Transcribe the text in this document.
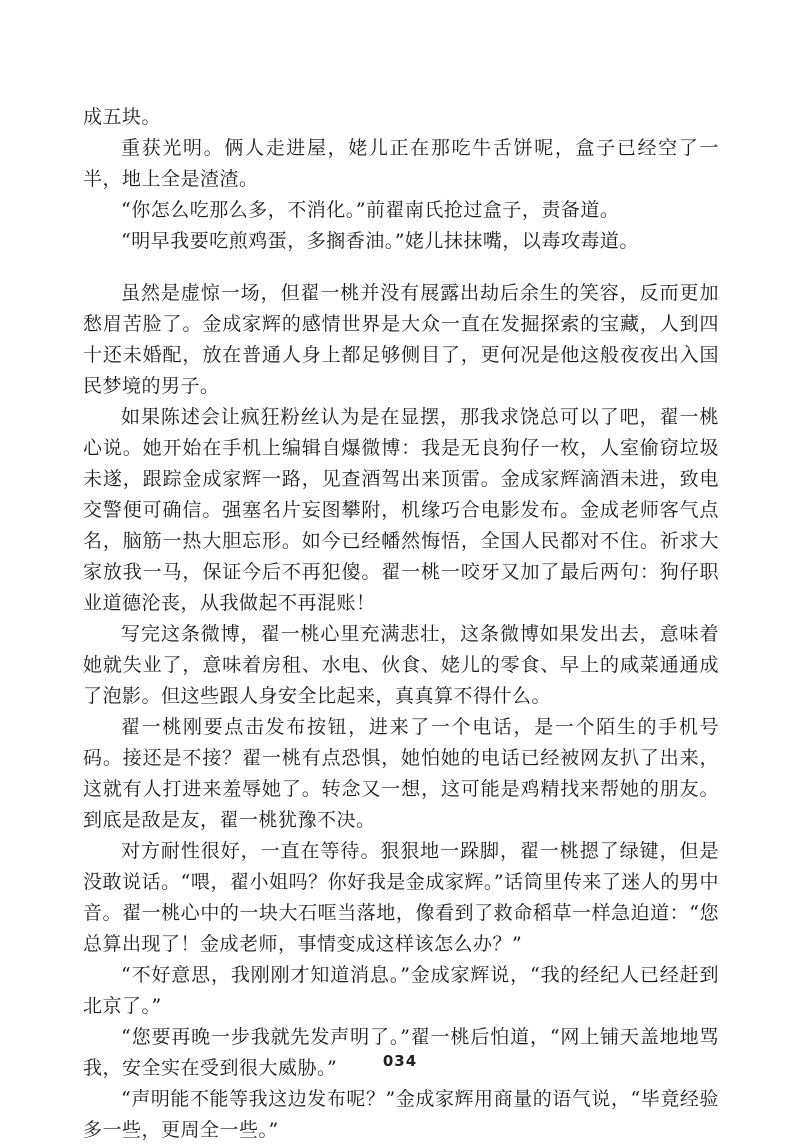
成五块。

重获光明。俩人走进屋，姥儿正在那吃牛舌饼呢，盒子已经空了一半，地上全是渣渣。

“你怎么吃那么多，不消化。”前翟南氏抢过盒子，责备道。

“明早我要吃煎鸡蛋，多搁香油。”姥儿抹抹嘴，以毒攻毒道。

虽然是虚惊一场，但翟一桃并没有展露出劫后余生的笑容，反而更加愁眉苦脸了。金成家辉的感情世界是大众一直在发掘探索的宝藏，人到四十还未婚配，放在普通人身上都足够侧目了，更何况是他这般夜夜出入国民梦境的男子。

如果陈述会让疯狂粉丝认为是在显摆，那我求饶总可以了吧，翟一桃心说。她开始在手机上编辑自爆微博：我是无良狗仔一枚，人室偷窃垃圾未遂，跟踪金成家辉一路，见查酒驾出来顶雷。金成家辉滴酒未进，致电交警便可确信。强塞名片妄图攀附，机缘巧合电影发布。金成老师客气点名，脑筋一热大胆忘形。如今已经幡然悔悟，全国人民都对不住。祈求大家放我一马，保证今后不再犯傻。翟一桃一咬牙又加了最后两句：狗仔职业道德沦丧，从我做起不再混账！

写完这条微博，翟一桃心里充满悲壮，这条微博如果发出去，意味着她就失业了，意味着房租、水电、伙食、姥儿的零食、早上的咸菜通通成了泡影。但这些跟人身安全比起来，真真算不得什么。

翟一桃刚要点击发布按钮，进来了一个电话，是一个陌生的手机号码。接还是不接？翟一桃有点恐惧，她怕她的电话已经被网友扒了出来，这就有人打进来羞辱她了。转念又一想，这可能是鸡精找来帮她的朋友。到底是敌是友，翟一桃犹豫不决。

对方耐性很好，一直在等待。狠狠地一跺脚，翟一桃摁了绿键，但是没敢说话。“喂，翟小姐吗？你好我是金成家辉。”话筒里传来了迷人的男中音。翟一桃心中的一块大石哐当落地，像看到了救命稻草一样急迫道：“您总算出现了！金成老师，事情变成这样该怎么办？”

“不好意思，我刚刚才知道消息。”金成家辉说，“我的经纪人已经赶到北京了。”

“您要再晚一步我就先发声明了。”翟一桃后怕道，“网上铺天盖地地骂我，安全实在受到很大威胁。”

“声明能不能等我这边发布呢？”金成家辉用商量的语气说，“毕竟经验多一些，更周全一些。”

034
